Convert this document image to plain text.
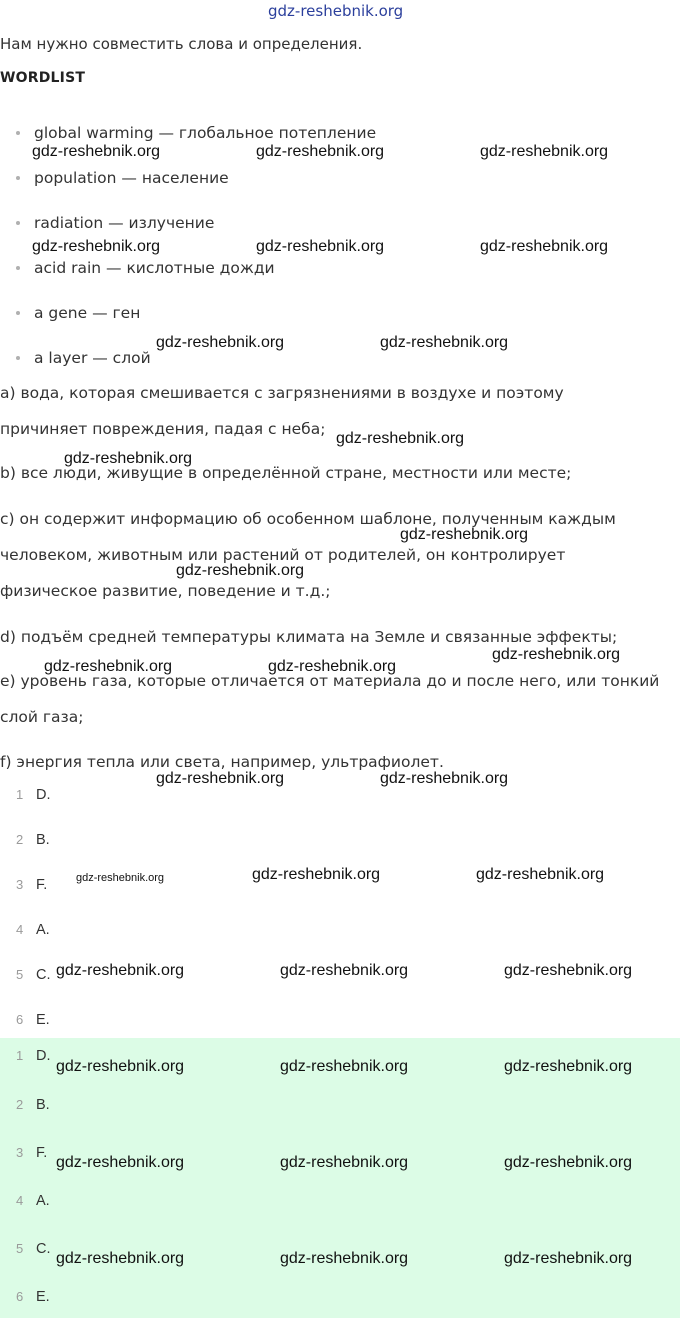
gdz-reshebnik.org
Нам нужно совместить слова и определения.
WORDLIST
global warming — глобальное потепление
population — население
radiation — излучение
acid rain — кислотные дожди
a gene — ген
a layer — слой
a) вода, которая смешивается с загрязнениями в воздухе и поэтому
причиняет повреждения, падая с неба;
b) все люди, живущие в определённой стране, местности или месте;
c) он содержит информацию об особенном шаблоне, полученным каждым
человеком, животным или растений от родителей, он контролирует
физическое развитие, поведение и т.д.;
d) подъём средней температуры климата на Земле и связанные эффекты;
e) уровень газа, которые отличается от материала до и после него, или тонкий
слой газа;
f) энергия тепла или света, например, ультрафиолет.
1 D.
2 B.
3 F.
4 A.
5 C.
6 E.
1 D.
2 B.
3 F.
4 A.
5 C.
6 E.
gdz-reshebnik.org	gdz-reshebnik.org	gdz-reshebnik.org
gdz-reshebnik.org	gdz-reshebnik.org	gdz-reshebnik.org
gdz-reshebnik.org	gdz-reshebnik.org
gdz-reshebnik.org
gdz-reshebnik.org
gdz-reshebnik.org
gdz-reshebnik.org
gdz-reshebnik.org
gdz-reshebnik.org	gdz-reshebnik.org
gdz-reshebnik.org	gdz-reshebnik.org
gdz-reshebnik.org	gdz-reshebnik.org	gdz-reshebnik.org
gdz-reshebnik.org	gdz-reshebnik.org	gdz-reshebnik.org
gdz-reshebnik.org	gdz-reshebnik.org	gdz-reshebnik.org
gdz-reshebnik.org	gdz-reshebnik.org	gdz-reshebnik.org
gdz-reshebnik.org	gdz-reshebnik.org	gdz-reshebnik.org
